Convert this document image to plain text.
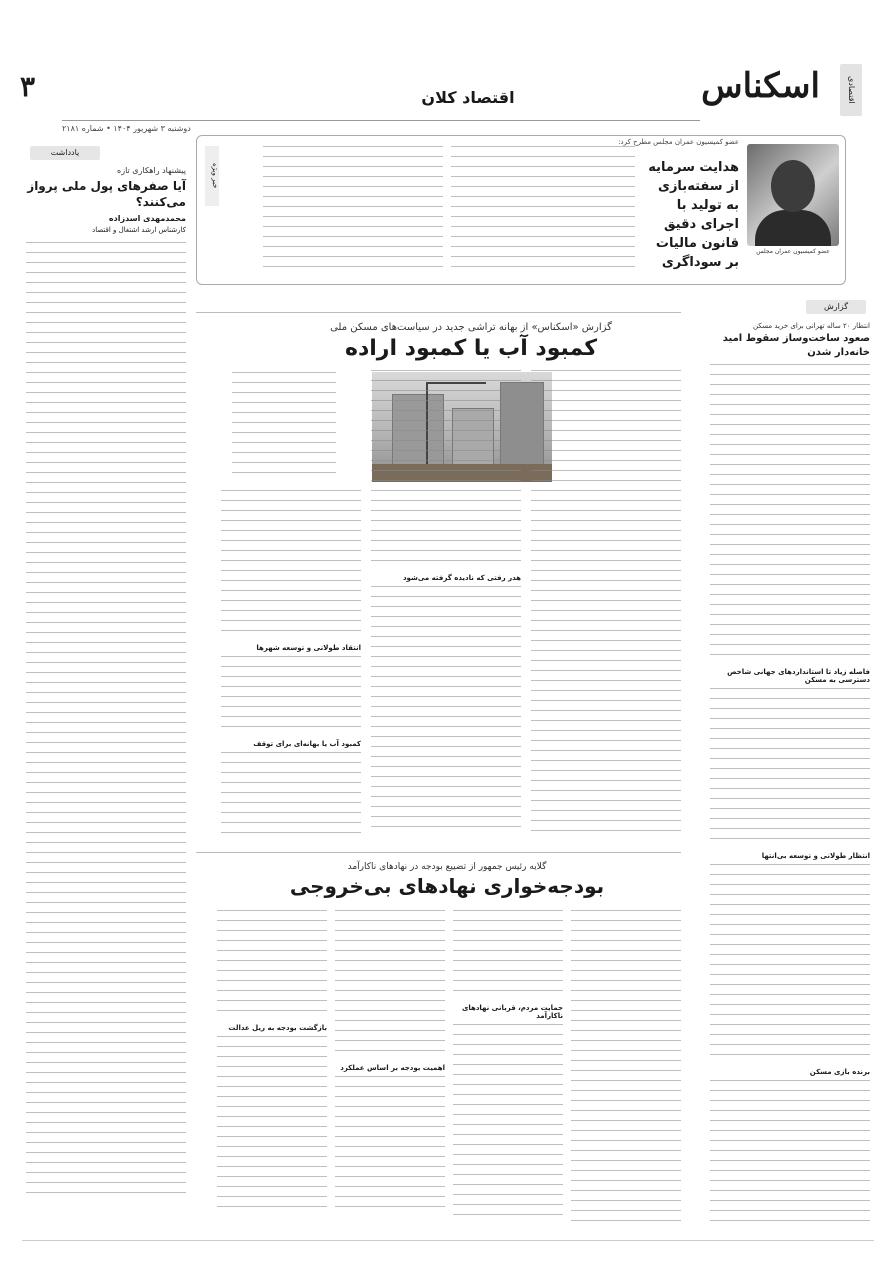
اسکناس	اقتصادی
۳	اقتصاد کلان
دوشنبه ۳ شهریور ۱۴۰۴ • شماره ۲۱۸۱
عضو کمیسیون عمران مجلس
عضو کمیسیون عمران مجلس مطرح کرد:
هدایت سرمایه از سفته‌بازی به تولید با اجرای دقیق قانون مالیات بر سوداگری
خبر ویژه
یادداشت
پیشنهاد راهکاری تازه
آیا صفرهای پول ملی پرواز می‌کنند؟
محمدمهدی اسدزاده
کارشناس ارشد اشتغال و اقتصاد
گزارش «اسکناس» از بهانه تراشی جدید در سیاست‌های مسکن ملی
کمبود آب یا کمبود اراده
هدر رفتی که نادیده گرفته می‌شود
انتقاد طولانی و توسعه شهرها
کمبود آب یا بهانه‌ای برای توقف
گزارش
انتظار ۲۰ ساله تهرانی برای خرید مسکن
صعود ساخت‌وساز سقوط امید خانه‌دار شدن
فاصله زیاد تا استانداردهای جهانی شاخص دسترسی به مسکن
انتظار طولانی و توسعه بی‌انتها
برنده بازی مسکن
گلایه رئیس جمهور از تضییع بودجه در نهادهای ناکارآمد
بودجه‌خواری نهادهای بی‌خروجی
حمایت مردم، قربانی نهادهای ناکارآمد
اهمیت بودجه بر اساس عملکرد
بازگشت بودجه به ریل عدالت
